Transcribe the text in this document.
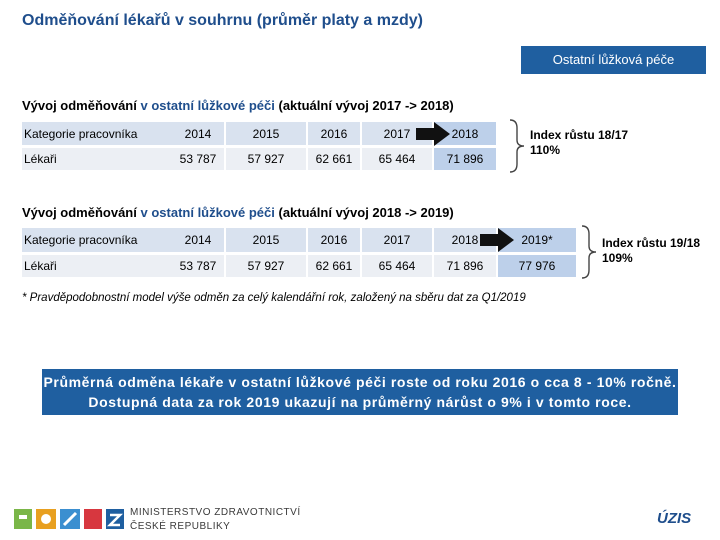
Odměňování lékařů v souhrnu (průměr platy a mzdy)
Ostatní lůžková péče
Vývoj odměňování v ostatní lůžkové péči (aktuální vývoj 2017 -> 2018)
Kategorie pracovníka	2014	2015	2016	2017	2018
Lékaři	53 787	57 927	62 661	65 464	71 896
Index růstu 18/17
110%
Vývoj odměňování v ostatní lůžkové péči (aktuální vývoj 2018 -> 2019)
Kategorie pracovníka	2014	2015	2016	2017	2018	2019*
Lékaři	53 787	57 927	62 661	65 464	71 896	77 976
Index růstu 19/18
109%
* Pravděpodobnostní model výše odměn za celý kalendářní rok, založený na sběru dat za Q1/2019
Průměrná odměna lékaře v ostatní lůžkové péči roste od roku 2016 o cca 8 - 10% ročně. Dostupná data za rok 2019 ukazují na průměrný nárůst o 9% i v tomto roce.
MINISTERSTVO ZDRAVOTNICTVÍ
ČESKÉ REPUBLIKY	ÚZIS
